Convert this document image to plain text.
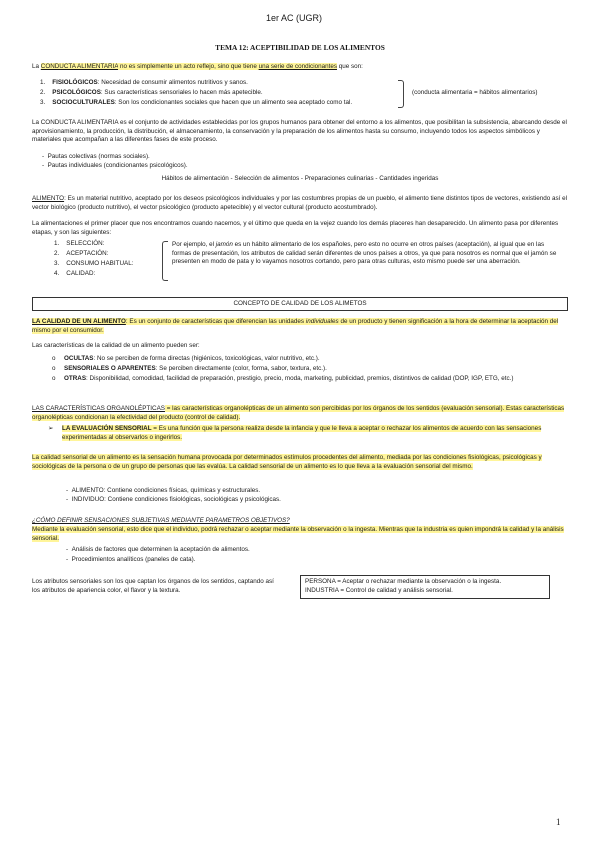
1er AC (UGR)
TEMA 12: ACEPTIBILIDAD DE LOS ALIMENTOS
La CONDUCTA ALIMENTARIA no es simplemente un acto reflejo, sino que tiene una serie de condicionantes que son:
1. FISIOLÓGICOS: Necesidad de consumir alimentos nutritivos y sanos.
2. PSICOLÓGICOS: Sus características sensoriales lo hacen más apetecible.
3. SOCIOCULTURALES: Son los condicionantes sociales que hacen que un alimento sea aceptado como tal.
(conducta alimentaria = hábitos alimentarios)
La CONDUCTA ALIMENTARIA es el conjunto de actividades establecidas por los grupos humanos para obtener del entorno a los alimentos, que posibilitan la subsistencia, abarcando desde el aprovisionamiento, la producción, la distribución, el almacenamiento, la conservación y la preparación de los alimentos hasta su consumo, incluyendo todos los aspectos simbólicos y materiales que acompañan a las diferentes fases de este proceso.
-  Pautas colectivas (normas sociales).
-  Pautas individuales (condicionantes psicológicos).
Hábitos de alimentación - Selección de alimentos - Preparaciones culinarias - Cantidades ingeridas
ALIMENTO: Es un material nutritivo, aceptado por los deseos psicológicos individuales y por las costumbres propias de un pueblo, el alimento tiene distintos tipos de vectores, existiendo así el vector biológico (producto nutritivo), el vector psicológico (producto apetecible) y el vector cultural (producto acostumbrado).
La alimentaciones el primer placer que nos encontramos cuando nacemos, y el último que queda en la vejez cuando los demás placeres han desaparecido. Un alimento pasa por diferentes etapas, y son las siguientes:
1. SELECCIÓN:
2. ACEPTACIÓN:
3. CONSUMO HABITUAL:
4. CALIDAD:
Por ejemplo, el jamón es un hábito alimentario de los españoles, pero esto no ocurre en otros países (aceptación), al igual que en las formas de presentación, los atributos de calidad serán diferentes de unos países a otros, ya que para nosotros es normal que el jamón se presenten en modo de pata y lo vayamos nosotros cortando, pero para otras culturas, esto mismo puede ser una aberración.
CONCEPTO DE CALIDAD DE LOS ALIMETOS
LA CALIDAD DE UN ALIMENTO: Es un conjunto de características que diferencian las unidades individuales de un producto y tienen significación a la hora de determinar la aceptación del mismo por el consumidor.
Las características de la calidad de un alimento pueden ser:
o OCULTAS: No se perciben de forma directas (higiénicos, toxicológicas, valor nutritivo, etc.).
o SENSORIALES O APARENTES: Se perciben directamente (color, forma, sabor, textura, etc.).
o OTRAS: Disponibilidad, comodidad, facilidad de preparación, prestigio, precio, moda, marketing, publicidad, premios, distintivos de calidad (DOP, IGP, ETG, etc.)
LAS CARACTERÍSTICAS ORGANOLÉPTICAS = las características organolépticas de un alimento son percibidas por los órganos de los sentidos (evaluación sensorial). Estas características organolépticas condicionan la efectividad del producto (control de calidad).
➢ LA EVALUACIÓN SENSORIAL = Es una función que la persona realiza desde la infancia y que le lleva a aceptar o rechazar los alimentos de acuerdo con las sensaciones experimentadas al observarlos o ingerirlos.
La calidad sensorial de un alimento es la sensación humana provocada por determinados estímulos procedentes del alimento, mediada por las condiciones fisiológicas, psicológicas y sociológicas de la persona o de un grupo de personas que las evalúa. La calidad sensorial de un alimento es lo que lleva a la evaluación sensorial del mismo.
-  ALIMENTO: Contiene condiciones físicas, químicas y estructurales.
-  INDIVIDUO: Contiene condiciones fisiológicas, sociológicas y psicológicas.
¿CÓMO DEFINIR SENSACIONES SUBJETIVAS MEDIANTE PARAMETROS OBJETIVOS?
Mediante la evaluación sensorial, esto dice que el individuo, podrá rechazar o aceptar mediante la observación o la ingesta. Mientras que la industria es quien impondrá la calidad y la análisis sensorial.
-  Análisis de factores que determinen la aceptación de alimentos.
-  Procedimientos analíticos (paneles de cata).
Los atributos sensoriales son los que captan los órganos de los sentidos, captando así los atributos de apariencia color, el flavor y la textura.
PERSONA = Aceptar o rechazar mediante la observación o la ingesta.
INDUSTRIA = Control de calidad y análisis sensorial.
1
